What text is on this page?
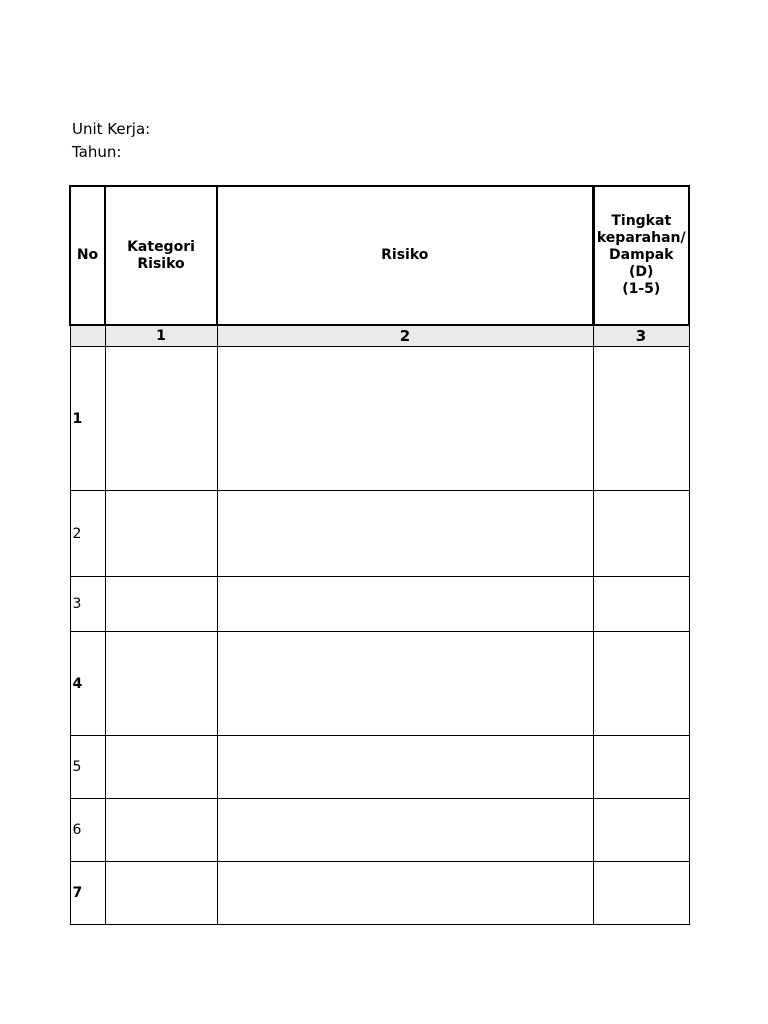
Unit Kerja:
Tahun:
No	Kategori Risiko	Risiko	Tingkat
keparahan/
Dampak (D)
(1-5)

	1	2	3
1			
2			
3			
4			
5			
6			
7			
